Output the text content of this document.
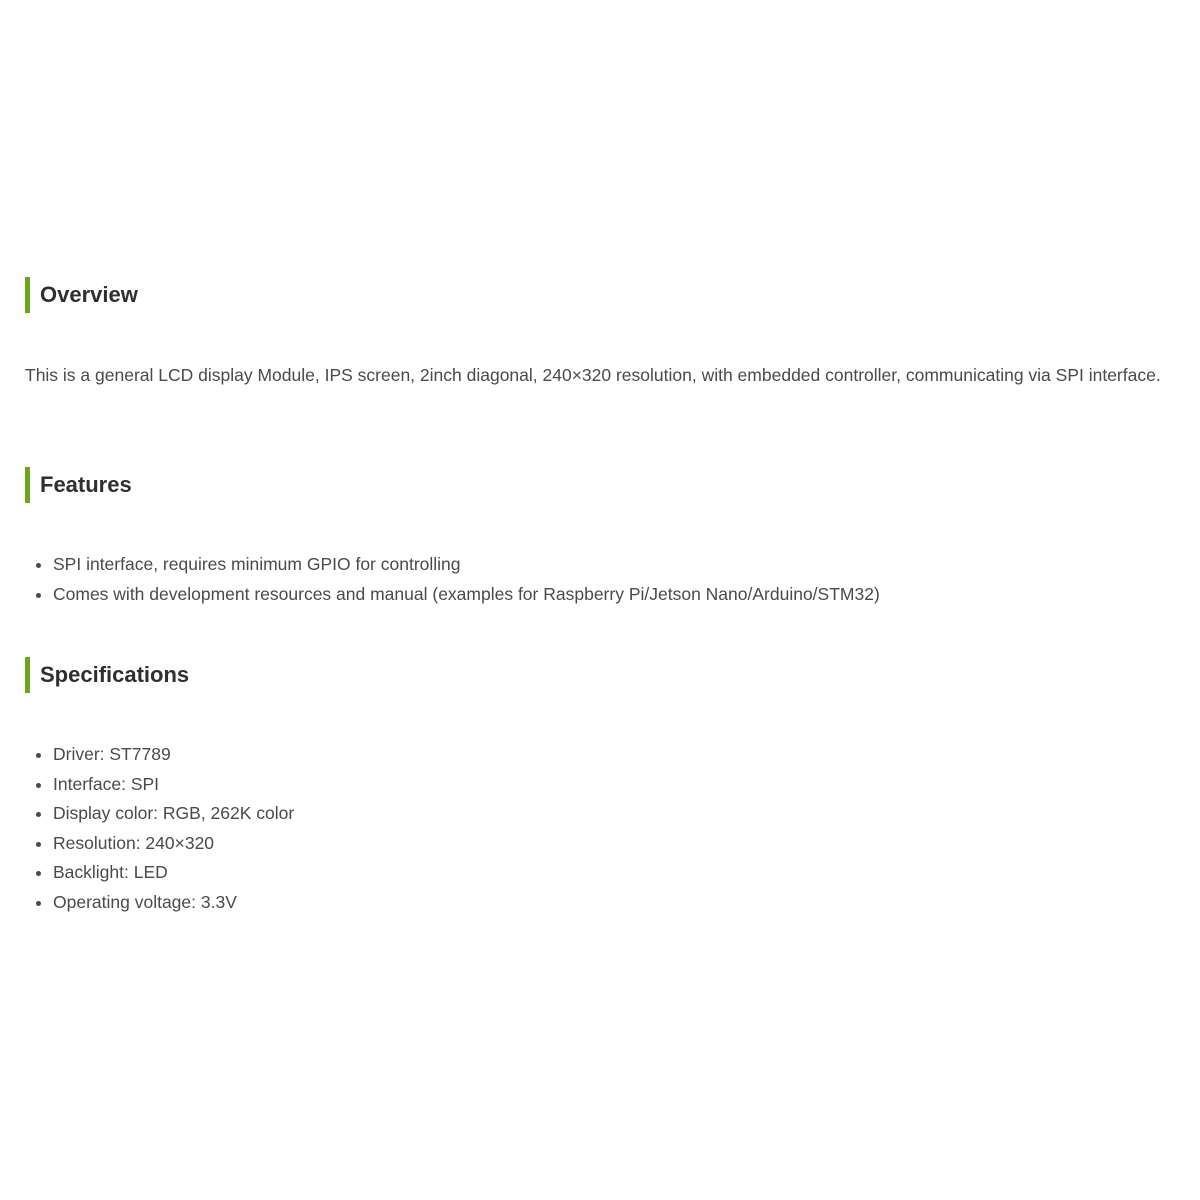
Overview

This is a general LCD display Module, IPS screen, 2inch diagonal, 240×320 resolution, with embedded controller, communicating via SPI interface.

Features
SPI interface, requires minimum GPIO for controlling
Comes with development resources and manual (examples for Raspberry Pi/Jetson Nano/Arduino/STM32)
Specifications
Driver: ST7789
Interface: SPI
Display color: RGB, 262K color
Resolution: 240×320
Backlight: LED
Operating voltage: 3.3V
